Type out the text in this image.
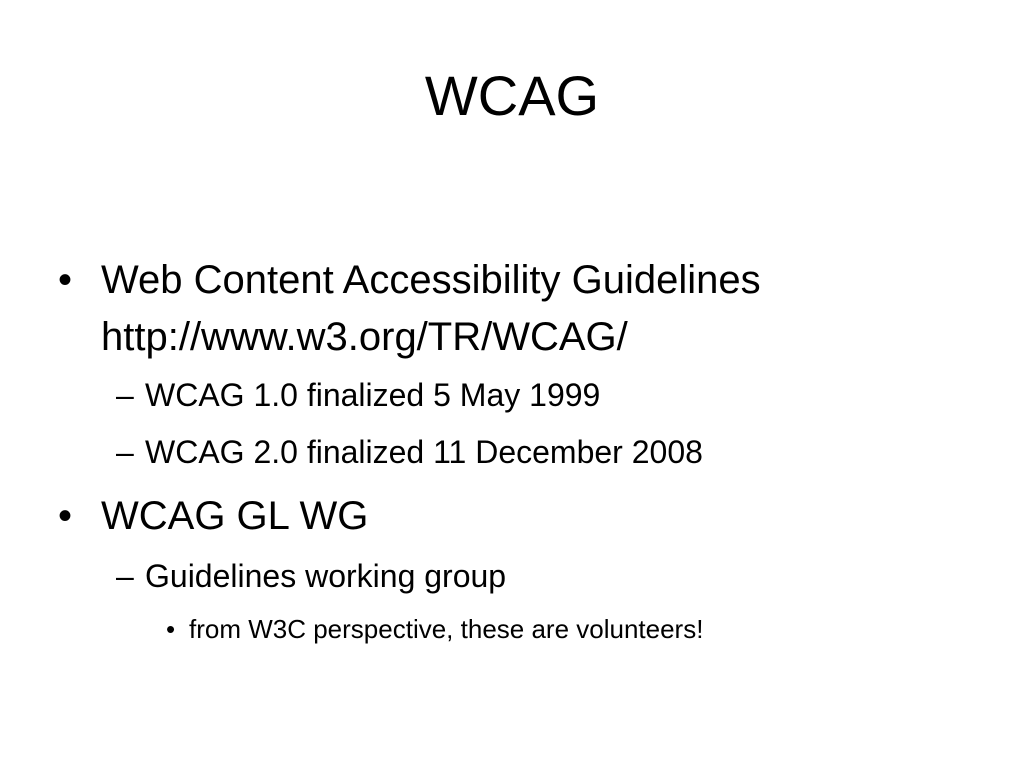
WCAG
• Web Content Accessibility Guidelines
http://www.w3.org/TR/WCAG/
– WCAG 1.0 finalized 5 May 1999
– WCAG 2.0 finalized 11 December 2008
• WCAG GL WG
– Guidelines working group
• from W3C perspective, these are volunteers!
